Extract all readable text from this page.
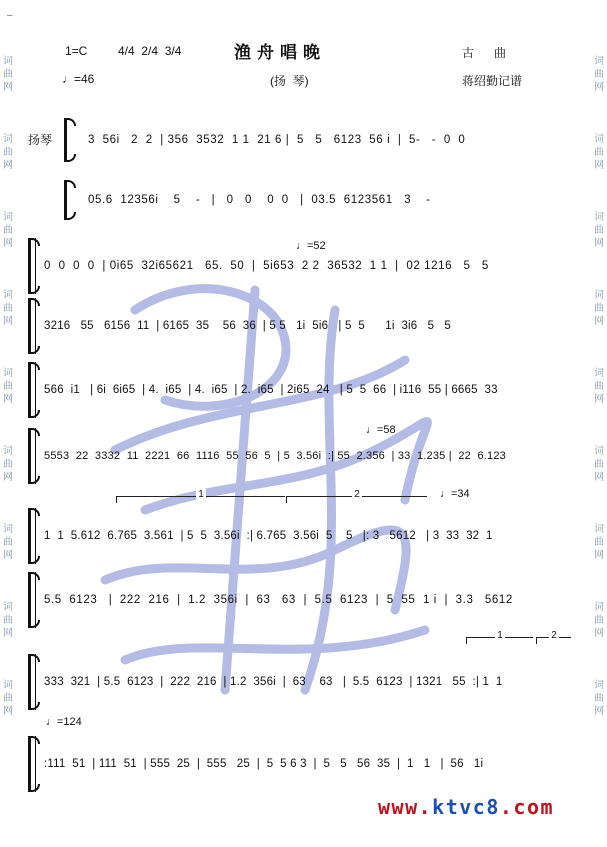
词
曲
网
词
曲
网
词
曲
网
词
曲
网
词
曲
网
词
曲
网
词
曲
网
词
曲
网
词
曲
网
词
曲
网
词
曲
网
词
曲
网
词
曲
网
词
曲
网
词
曲
网
词
曲
网
词
曲
网
词
曲
网
–
1=C	4/4  2/4  3/4	渔舟唱晚	古      曲
♩=46	(扬  琴)	蒋绍勤记谱
扬琴	3  56i   2  2  | 356  3532  1 1  21 6 |  5   5   6123  56 i  |  5-   -  0  0
05.6  12356i    5    -   |   0   0    0  0   |  03.5  6123561   3    -
0  0  0  0  | 0i65  32i65621   65.  50  |  5i653  2 2  36532  1 1  |  02 1216   5   5
♩=52
3216   55   6156  11  | 6165  35    56  36  | 5 5   1i  5i6   | 5  5      1i  3i6   5   5
566  i1   | 6i  6i65  | 4.  i65  | 4.  i65  | 2.  i65  | 2i65  24   | 5  5  66  | i116  55 | 6665  33
5553  22  3332  11  2221  66  1116  55  56  5  | 5  3.56i  :| 55  2.356  | 33  1.235 |  22  6.123
♩=58
1	2	♩=34
1  1  5.612  6.765  3.561  | 5  5  3.56i  :| 6.765  3.56i  5    5   |: 3   5612   | 3  33  32  1
5.5  6123   |  222  216  |  1.2  356i  |  63   63  |  5.5  6123  |  5  55  1 i  |  3.3   5612
1	2
333  321  | 5.5  6123  |  222  216  | 1.2  356i  |  63    63   |  5.5  6123  | 1321   55  :| 1  1
♩=124
:111  51  | 111  51  | 555  25  |  555   25  |  5  5 6 3  |  5   5   56  35  |  1   1   |  56   1i
www.ktvc8.com
